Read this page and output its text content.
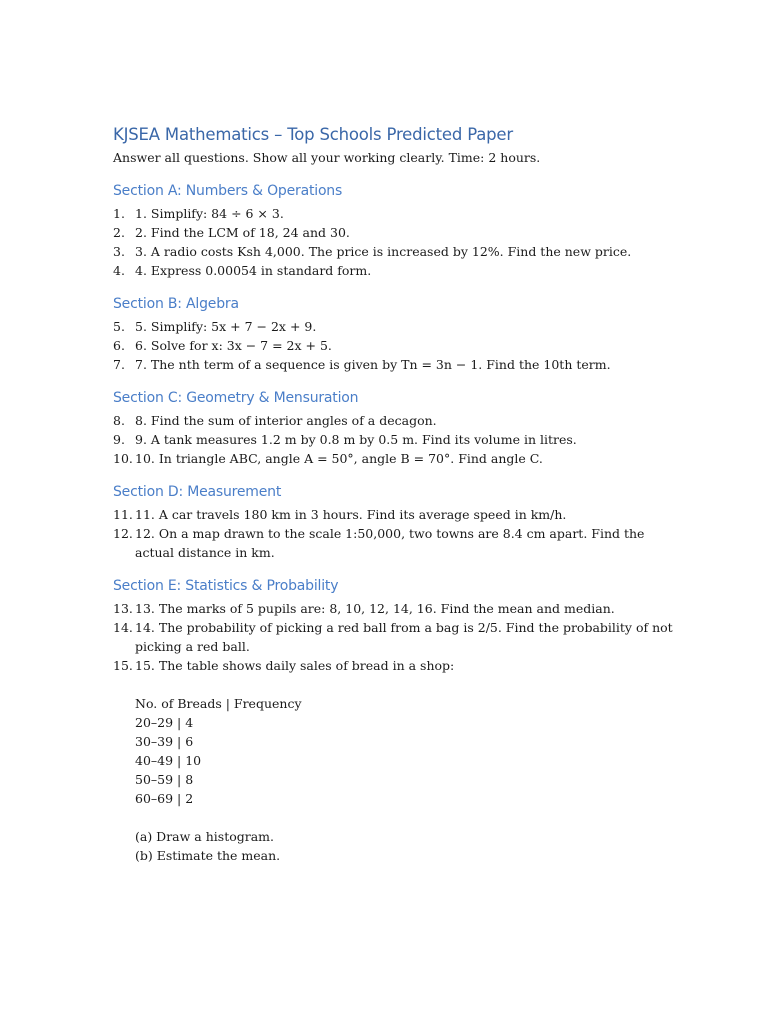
KJSEA Mathematics – Top Schools Predicted Paper

Answer all questions. Show all your working clearly. Time: 2 hours.

Section A: Numbers & Operations
1. 1. Simplify: 84 ÷ 6 × 3.
2. 2. Find the LCM of 18, 24 and 30.
3. 3. A radio costs Ksh 4,000. The price is increased by 12%. Find the new price.
4. 4. Express 0.00054 in standard form.
Section B: Algebra
5. 5. Simplify: 5x + 7 − 2x + 9.
6. 6. Solve for x: 3x − 7 = 2x + 5.
7. 7. The nth term of a sequence is given by Tn = 3n − 1. Find the 10th term.
Section C: Geometry & Mensuration
8. 8. Find the sum of interior angles of a decagon.
9. 9. A tank measures 1.2 m by 0.8 m by 0.5 m. Find its volume in litres.
10. 10. In triangle ABC, angle A = 50°, angle B = 70°. Find angle C.
Section D: Measurement
11. 11. A car travels 180 km in 3 hours. Find its average speed in km/h.
12. 12. On a map drawn to the scale 1:50,000, two towns are 8.4 cm apart. Find the actual distance in km.
Section E: Statistics & Probability
13. 13. The marks of 5 pupils are: 8, 10, 12, 14, 16. Find the mean and median.
14. 14. The probability of picking a red ball from a bag is 2/5. Find the probability of not picking a red ball.
15. 15. The table shows daily sales of bread in a shop:
No. of Breads | Frequency
20–29 | 4
30–39 | 6
40–49 | 10
50–59 | 8
60–69 | 2
(a) Draw a histogram.
(b) Estimate the mean.
